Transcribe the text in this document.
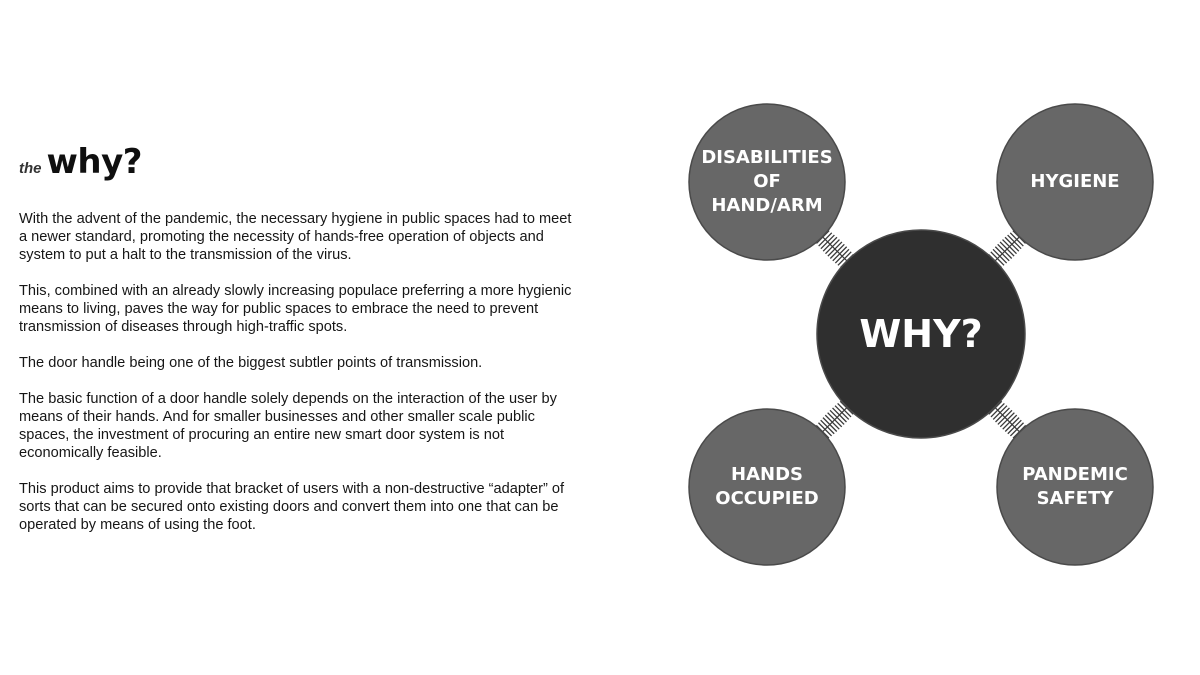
the why?

With the advent of the pandemic, the necessary hygiene in public spaces had to meet a newer standard, promoting the necessity of hands-free operation of objects and system to put a halt to the transmission of the virus.

This, combined with an already slowly increasing populace preferring a more hygienic means to living, paves the way for public spaces to embrace the need to prevent transmission of diseases through high-traffic spots.

The door handle being one of the biggest subtler points of transmission.

The basic function of a door handle solely depends on the interaction of the user by means of their hands. And for smaller businesses and other smaller scale public spaces, the investment of procuring an entire new smart door system is not economically feasible.

This product aims to provide that bracket of users with a non-destructive “adapter” of sorts that can be secured onto existing doors and convert them into one that can be operated by means of using the foot.

DISABILITIES
OF
HAND/ARM
HYGIENE
HANDS
OCCUPIED
PANDEMIC
SAFETY
WHY?
